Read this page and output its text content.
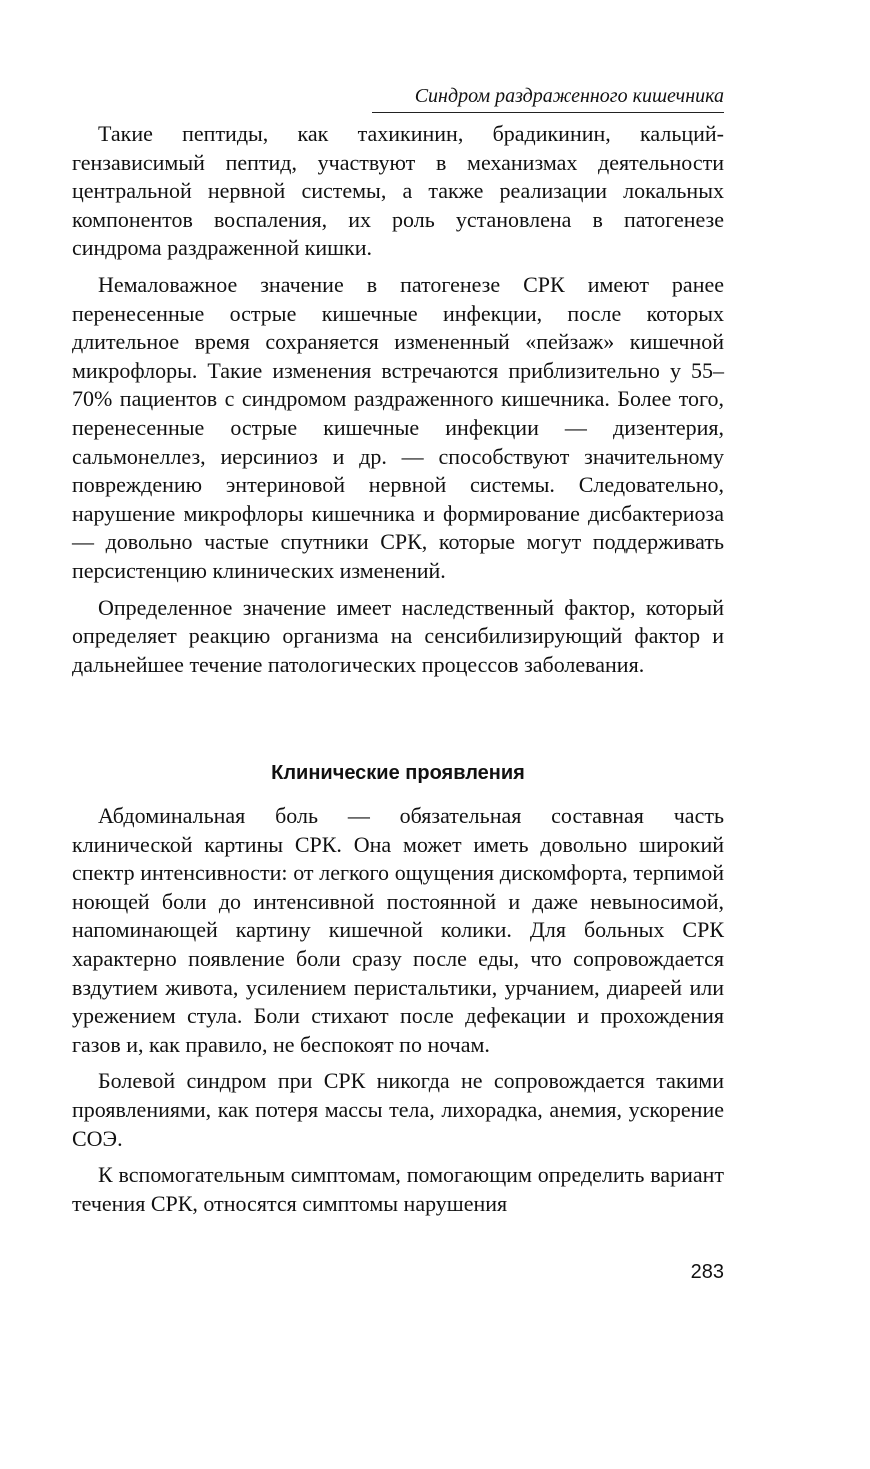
Синдром раздраженного кишечника

Такие пептиды, как тахикинин, брадикинин, кальций-гензависимый пептид, участвуют в механизмах деятельности центральной нервной системы, а также реализации локальных компонентов воспаления, их роль установлена в патогенезе синдрома раздраженной кишки.

Немаловажное значение в патогенезе СРК имеют ранее перенесенные острые кишечные инфекции, после которых длительное время сохраняется измененный «пейзаж» кишечной микрофлоры. Такие изменения встречаются приблизительно у 55–70% пациентов с синдромом раздраженного кишечника. Более того, перенесенные острые кишечные инфекции — дизентерия, сальмонеллез, иерсиниоз и др. — способствуют значительному повреждению энтериновой нервной системы. Следовательно, нарушение микрофлоры кишечника и формирование дисбактериоза — довольно частые спутники СРК, которые могут поддерживать персистенцию клинических изменений.

Определенное значение имеет наследственный фактор, который определяет реакцию организма на сенсибилизирующий фактор и дальнейшее течение патологических процессов заболевания.

Клинические проявления

Абдоминальная боль — обязательная составная часть клинической картины СРК. Она может иметь довольно широкий спектр интенсивности: от легкого ощущения дискомфорта, терпимой ноющей боли до интенсивной постоянной и даже невыносимой, напоминающей картину кишечной колики. Для больных СРК характерно появление боли сразу после еды, что сопровождается вздутием живота, усилением перистальтики, урчанием, диареей или урежением стула. Боли стихают после дефекации и прохождения газов и, как правило, не беспокоят по ночам.

Болевой синдром при СРК никогда не сопровождается такими проявлениями, как потеря массы тела, лихорадка, анемия, ускорение СОЭ.

К вспомогательным симптомам, помогающим определить вариант течения СРК, относятся симптомы нарушения

283
